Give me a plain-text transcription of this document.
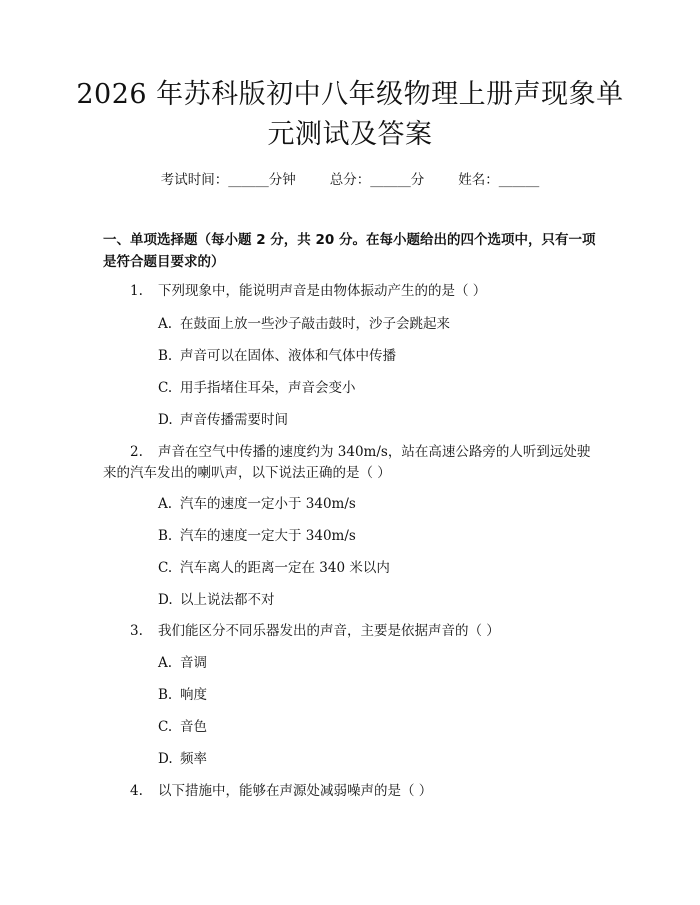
2026 年苏科版初中八年级物理上册声现象单
元测试及答案
考试时间：______分钟	总分：______分	姓名：______
一、单项选择题（每小题 2 分，共 20 分。在每小题给出的四个选项中，只有一项
是符合题目要求的）
1. 下列现象中，能说明声音是由物体振动产生的的是（ ）
A. 在鼓面上放一些沙子敲击鼓时，沙子会跳起来
B. 声音可以在固体、液体和气体中传播
C. 用手指堵住耳朵，声音会变小
D. 声音传播需要时间
2. 声音在空气中传播的速度约为 340m/s，站在高速公路旁的人听到远处驶
来的汽车发出的喇叭声，以下说法正确的是（ ）
A. 汽车的速度一定小于 340m/s
B. 汽车的速度一定大于 340m/s
C. 汽车离人的距离一定在 340 米以内
D. 以上说法都不对
3. 我们能区分不同乐器发出的声音，主要是依据声音的（ ）
A. 音调
B. 响度
C. 音色
D. 频率
4. 以下措施中，能够在声源处减弱噪声的是（ ）
